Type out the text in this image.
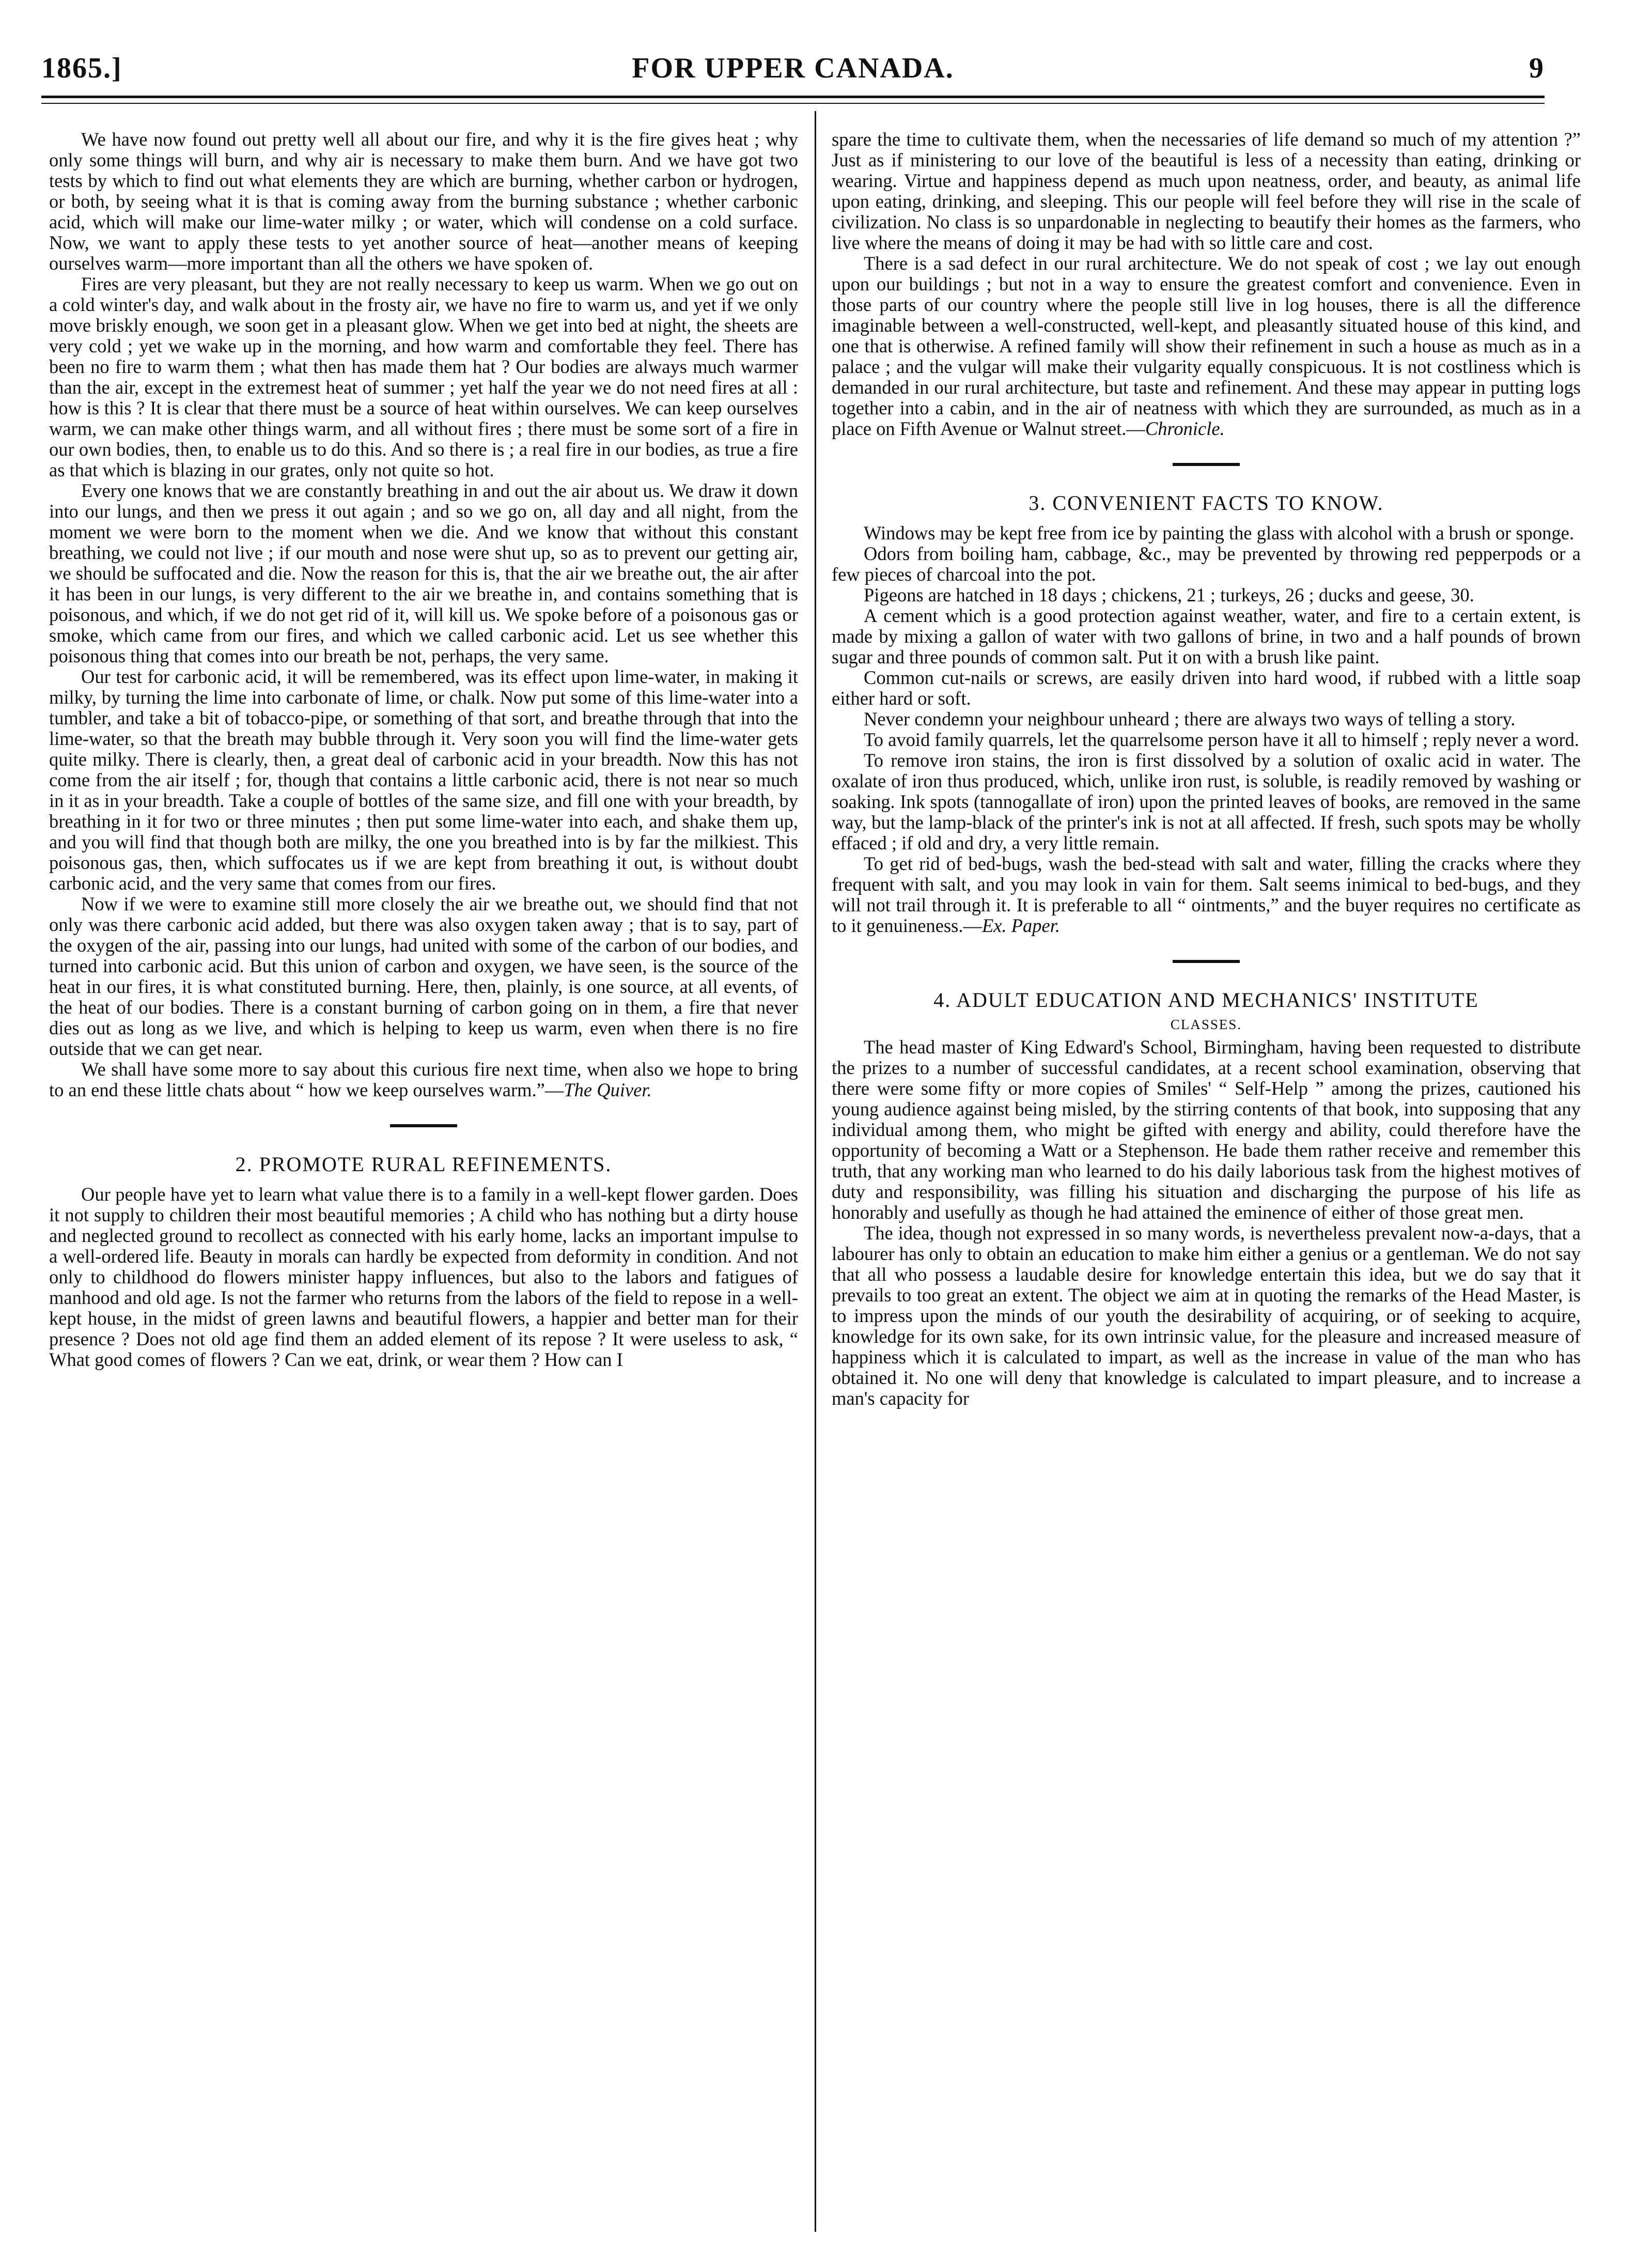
1865.]	FOR UPPER CANADA.	9

We have now found out pretty well all about our fire, and why it is the fire gives heat ; why only some things will burn, and why air is necessary to make them burn. And we have got two tests by which to find out what elements they are which are burning, whether carbon or hydrogen, or both, by seeing what it is that is coming away from the burning substance ; whether carbonic acid, which will make our lime-water milky ; or water, which will condense on a cold surface. Now, we want to apply these tests to yet another source of heat—another means of keeping ourselves warm—more important than all the others we have spoken of.

Fires are very pleasant, but they are not really necessary to keep us warm. When we go out on a cold winter's day, and walk about in the frosty air, we have no fire to warm us, and yet if we only move briskly enough, we soon get in a pleasant glow. When we get into bed at night, the sheets are very cold ; yet we wake up in the morning, and how warm and comfortable they feel. There has been no fire to warm them ; what then has made them hat ? Our bodies are always much warmer than the air, except in the extremest heat of summer ; yet half the year we do not need fires at all : how is this ? It is clear that there must be a source of heat within ourselves. We can keep ourselves warm, we can make other things warm, and all without fires ; there must be some sort of a fire in our own bodies, then, to enable us to do this. And so there is ; a real fire in our bodies, as true a fire as that which is blazing in our grates, only not quite so hot.

Every one knows that we are constantly breathing in and out the air about us. We draw it down into our lungs, and then we press it out again ; and so we go on, all day and all night, from the moment we were born to the moment when we die. And we know that without this constant breathing, we could not live ; if our mouth and nose were shut up, so as to prevent our getting air, we should be suffocated and die. Now the reason for this is, that the air we breathe out, the air after it has been in our lungs, is very different to the air we breathe in, and contains something that is poisonous, and which, if we do not get rid of it, will kill us. We spoke before of a poisonous gas or smoke, which came from our fires, and which we called carbonic acid. Let us see whether this poisonous thing that comes into our breath be not, perhaps, the very same.

Our test for carbonic acid, it will be remembered, was its effect upon lime-water, in making it milky, by turning the lime into carbonate of lime, or chalk. Now put some of this lime-water into a tumbler, and take a bit of tobacco-pipe, or something of that sort, and breathe through that into the lime-water, so that the breath may bubble through it. Very soon you will find the lime-water gets quite milky. There is clearly, then, a great deal of carbonic acid in your breadth. Now this has not come from the air itself ; for, though that contains a little carbonic acid, there is not near so much in it as in your breadth. Take a couple of bottles of the same size, and fill one with your breadth, by breathing in it for two or three minutes ; then put some lime-water into each, and shake them up, and you will find that though both are milky, the one you breathed into is by far the milkiest. This poisonous gas, then, which suffocates us if we are kept from breathing it out, is without doubt carbonic acid, and the very same that comes from our fires.

Now if we were to examine still more closely the air we breathe out, we should find that not only was there carbonic acid added, but there was also oxygen taken away ; that is to say, part of the oxygen of the air, passing into our lungs, had united with some of the carbon of our bodies, and turned into carbonic acid. But this union of carbon and oxygen, we have seen, is the source of the heat in our fires, it is what constituted burning. Here, then, plainly, is one source, at all events, of the heat of our bodies. There is a constant burning of carbon going on in them, a fire that never dies out as long as we live, and which is helping to keep us warm, even when there is no fire outside that we can get near.

We shall have some more to say about this curious fire next time, when also we hope to bring to an end these little chats about “ how we keep ourselves warm.”—The Quiver.

2. PROMOTE RURAL REFINEMENTS.

Our people have yet to learn what value there is to a family in a well-kept flower garden. Does it not supply to children their most beautiful memories ; A child who has nothing but a dirty house and neglected ground to recollect as connected with his early home, lacks an important impulse to a well-ordered life. Beauty in morals can hardly be expected from deformity in condition. And not only to childhood do flowers minister happy influences, but also to the labors and fatigues of manhood and old age. Is not the farmer who returns from the labors of the field to repose in a well-kept house, in the midst of green lawns and beautiful flowers, a happier and better man for their presence ? Does not old age find them an added element of its repose ? It were useless to ask, “ What good comes of flowers ? Can we eat, drink, or wear them ? How can I

spare the time to cultivate them, when the necessaries of life demand so much of my attention ?” Just as if ministering to our love of the beautiful is less of a necessity than eating, drinking or wearing. Virtue and happiness depend as much upon neatness, order, and beauty, as animal life upon eating, drinking, and sleeping. This our people will feel before they will rise in the scale of civilization. No class is so unpardonable in neglecting to beautify their homes as the farmers, who live where the means of doing it may be had with so little care and cost.

There is a sad defect in our rural architecture. We do not speak of cost ; we lay out enough upon our buildings ; but not in a way to ensure the greatest comfort and convenience. Even in those parts of our country where the people still live in log houses, there is all the difference imaginable between a well-constructed, well-kept, and pleasantly situated house of this kind, and one that is otherwise. A refined family will show their refinement in such a house as much as in a palace ; and the vulgar will make their vulgarity equally conspicuous. It is not costliness which is demanded in our rural architecture, but taste and refinement. And these may appear in putting logs together into a cabin, and in the air of neatness with which they are surrounded, as much as in a place on Fifth Avenue or Walnut street.—Chronicle.

3. CONVENIENT FACTS TO KNOW.

Windows may be kept free from ice by painting the glass with alcohol with a brush or sponge.

Odors from boiling ham, cabbage, &c., may be prevented by throwing red pepperpods or a few pieces of charcoal into the pot.

Pigeons are hatched in 18 days ; chickens, 21 ; turkeys, 26 ; ducks and geese, 30.

A cement which is a good protection against weather, water, and fire to a certain extent, is made by mixing a gallon of water with two gallons of brine, in two and a half pounds of brown sugar and three pounds of common salt. Put it on with a brush like paint.

Common cut-nails or screws, are easily driven into hard wood, if rubbed with a little soap either hard or soft.

Never condemn your neighbour unheard ; there are always two ways of telling a story.

To avoid family quarrels, let the quarrelsome person have it all to himself ; reply never a word.

To remove iron stains, the iron is first dissolved by a solution of oxalic acid in water. The oxalate of iron thus produced, which, unlike iron rust, is soluble, is readily removed by washing or soaking. Ink spots (tannogallate of iron) upon the printed leaves of books, are removed in the same way, but the lamp-black of the printer's ink is not at all affected. If fresh, such spots may be wholly effaced ; if old and dry, a very little remain.

To get rid of bed-bugs, wash the bed-stead with salt and water, filling the cracks where they frequent with salt, and you may look in vain for them. Salt seems inimical to bed-bugs, and they will not trail through it. It is preferable to all “ ointments,” and the buyer requires no certificate as to it genuineness.—Ex. Paper.

4. ADULT EDUCATION AND MECHANICS' INSTITUTE
CLASSES.

The head master of King Edward's School, Birmingham, having been requested to distribute the prizes to a number of successful candidates, at a recent school examination, observing that there were some fifty or more copies of Smiles' “ Self-Help ” among the prizes, cautioned his young audience against being misled, by the stirring contents of that book, into supposing that any individual among them, who might be gifted with energy and ability, could therefore have the opportunity of becoming a Watt or a Stephenson. He bade them rather receive and remember this truth, that any working man who learned to do his daily laborious task from the highest motives of duty and responsibility, was filling his situation and discharging the purpose of his life as honorably and usefully as though he had attained the eminence of either of those great men.

The idea, though not expressed in so many words, is nevertheless prevalent now-a-days, that a labourer has only to obtain an education to make him either a genius or a gentleman. We do not say that all who possess a laudable desire for knowledge entertain this idea, but we do say that it prevails to too great an extent. The object we aim at in quoting the remarks of the Head Master, is to impress upon the minds of our youth the desirability of acquiring, or of seeking to acquire, knowledge for its own sake, for its own intrinsic value, for the pleasure and increased measure of happiness which it is calculated to impart, as well as the increase in value of the man who has obtained it. No one will deny that knowledge is calculated to impart pleasure, and to increase a man's capacity for
